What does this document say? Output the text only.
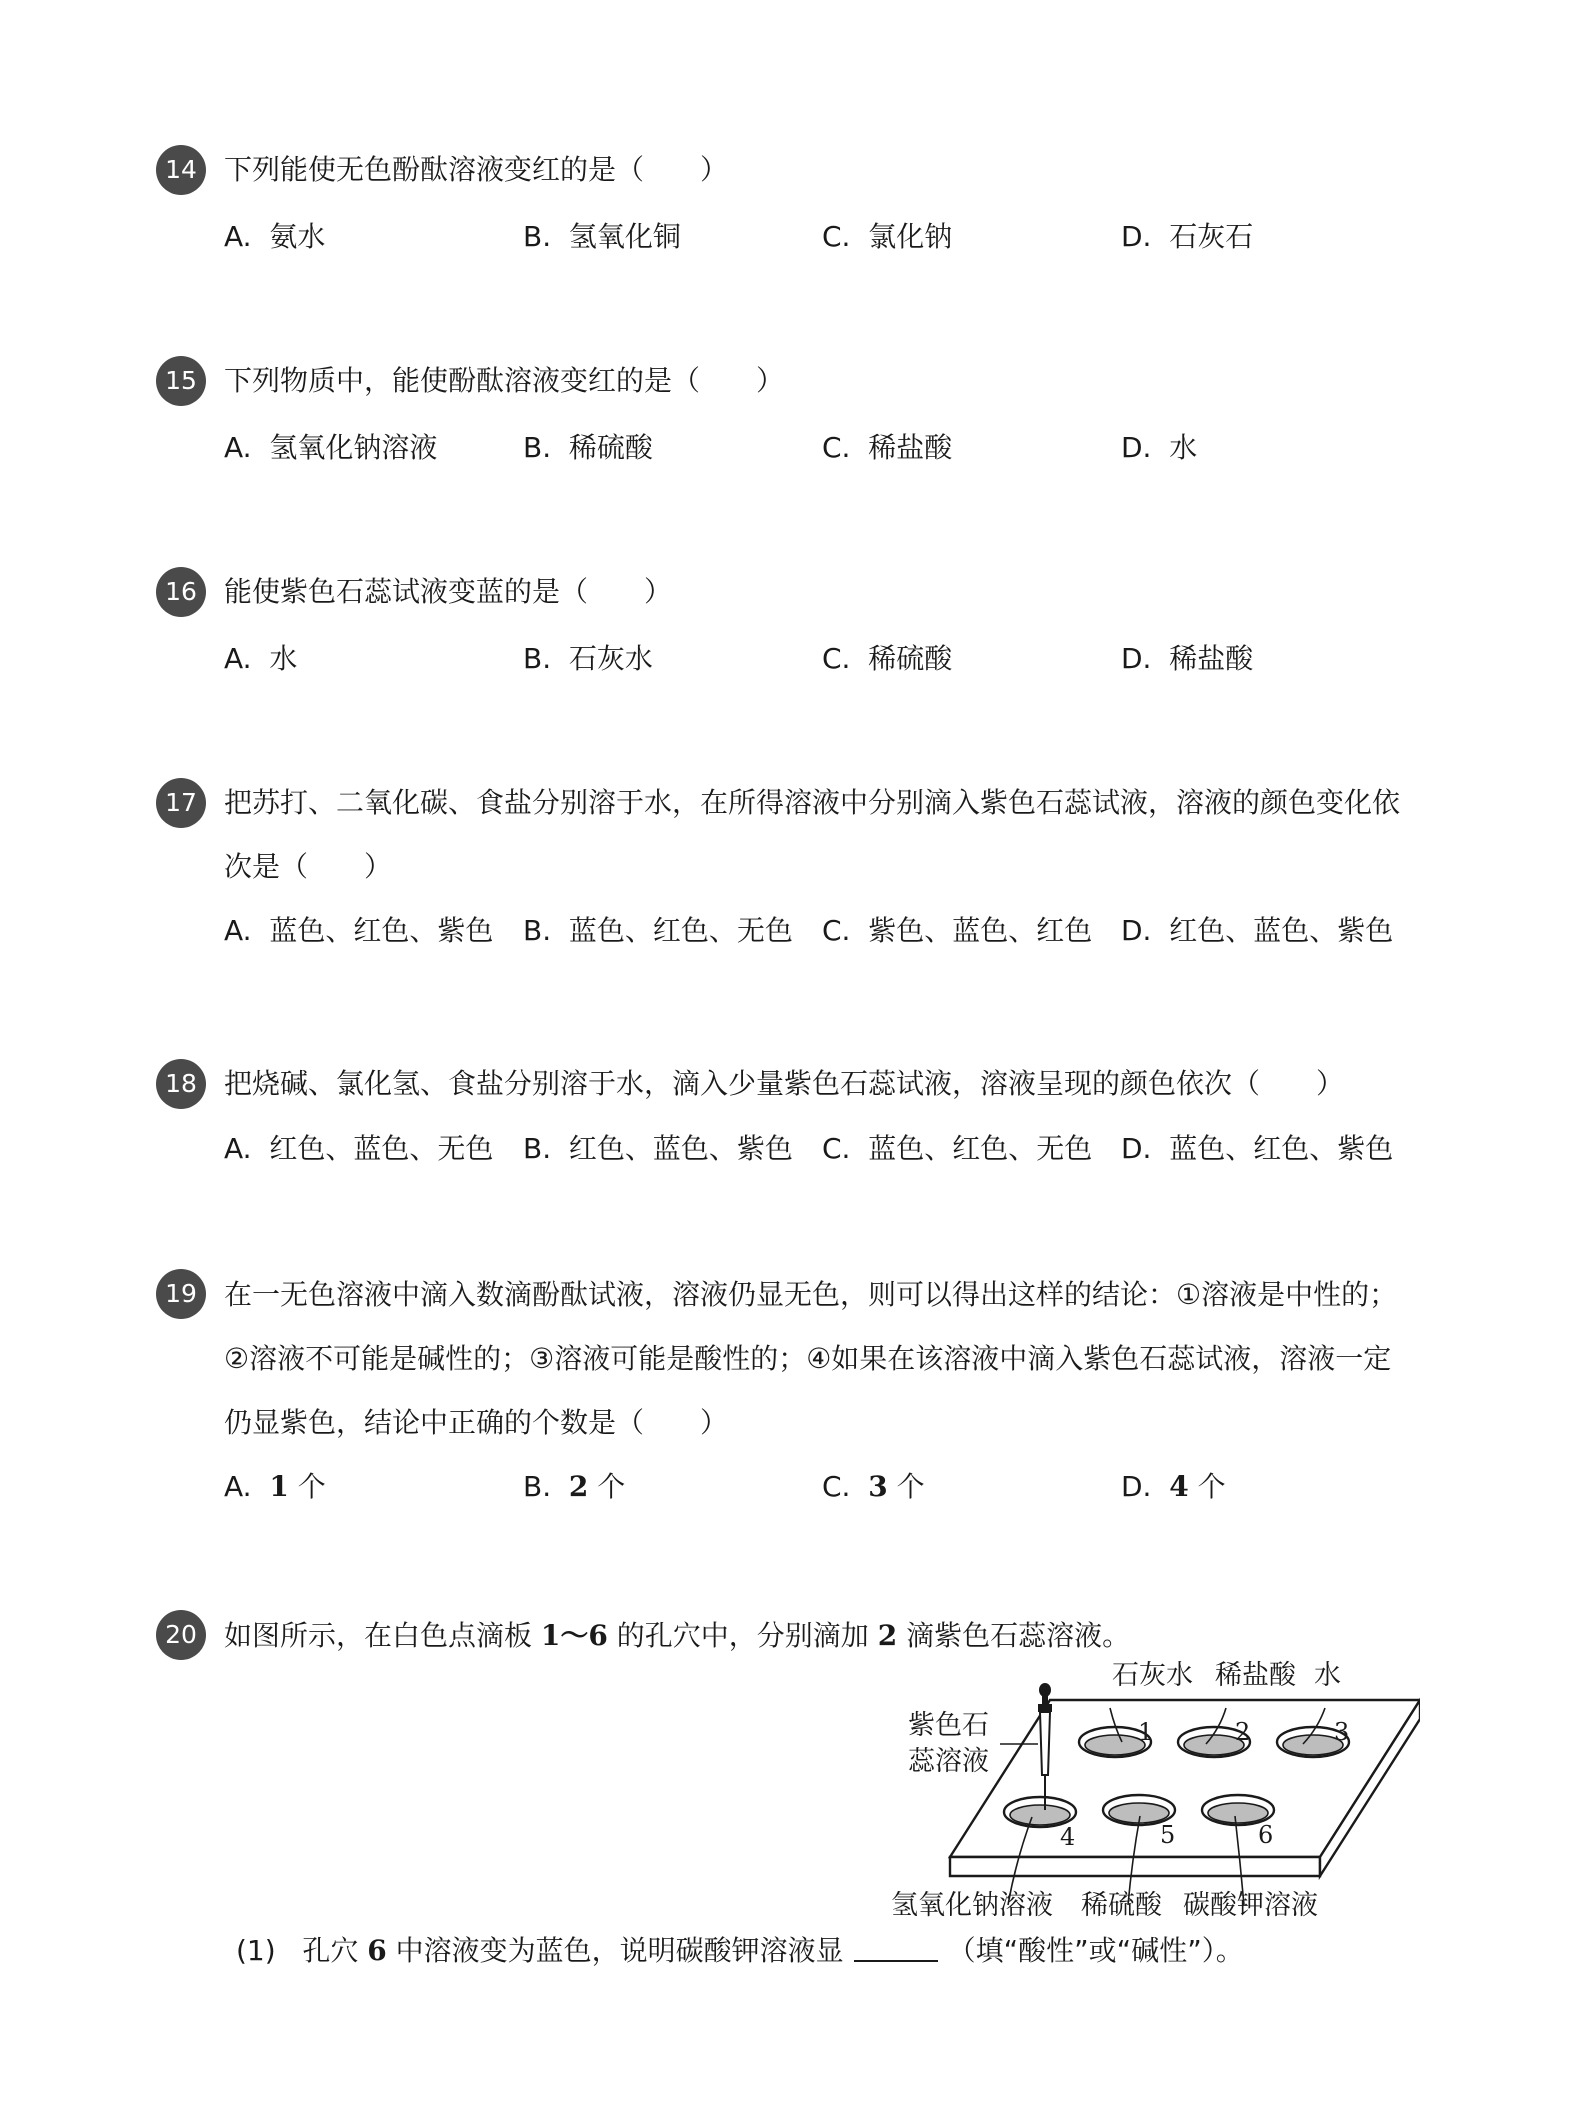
14 下列能使无色酚酞溶液变红的是（　　）
A. 氨水	B. 氢氧化铜	C. 氯化钠	D. 石灰石
15 下列物质中，能使酚酞溶液变红的是（　　）
A. 氢氧化钠溶液	B. 稀硫酸	C. 稀盐酸	D. 水
16 能使紫色石蕊试液变蓝的是（　　）
A. 水	B. 石灰水	C. 稀硫酸	D. 稀盐酸
17 把苏打、二氧化碳、食盐分别溶于水，在所得溶液中分别滴入紫色石蕊试液，溶液的颜色变化依
次是（　　）
A. 蓝色、红色、紫色 B. 蓝色、红色、无色 C. 紫色、蓝色、红色 D. 红色、蓝色、紫色
18 把烧碱、氯化氢、食盐分别溶于水，滴入少量紫色石蕊试液，溶液呈现的颜色依次（　　）
A. 红色、蓝色、无色 B. 红色、蓝色、紫色 C. 蓝色、红色、无色 D. 蓝色、红色、紫色
19 在一无色溶液中滴入数滴酚酞试液，溶液仍显无色，则可以得出这样的结论：①溶液是中性的；
②溶液不可能是碱性的；③溶液可能是酸性的；④如果在该溶液中滴入紫色石蕊试液，溶液一定
仍显紫色，结论中正确的个数是（　　）
A. 1 个	B. 2 个	C. 3 个	D. 4 个
20 如图所示，在白色点滴板 1～6 的孔穴中，分别滴加 2 滴紫色石蕊溶液。
1	2	3
4	5	6
石灰水 稀盐酸 水
紫色石
蕊溶液
氢氧化钠溶液 稀硫酸 碳酸钾溶液
(1) 孔穴 6 中溶液变为蓝色，说明碳酸钾溶液显	（填“酸性”或“碱性”）。
